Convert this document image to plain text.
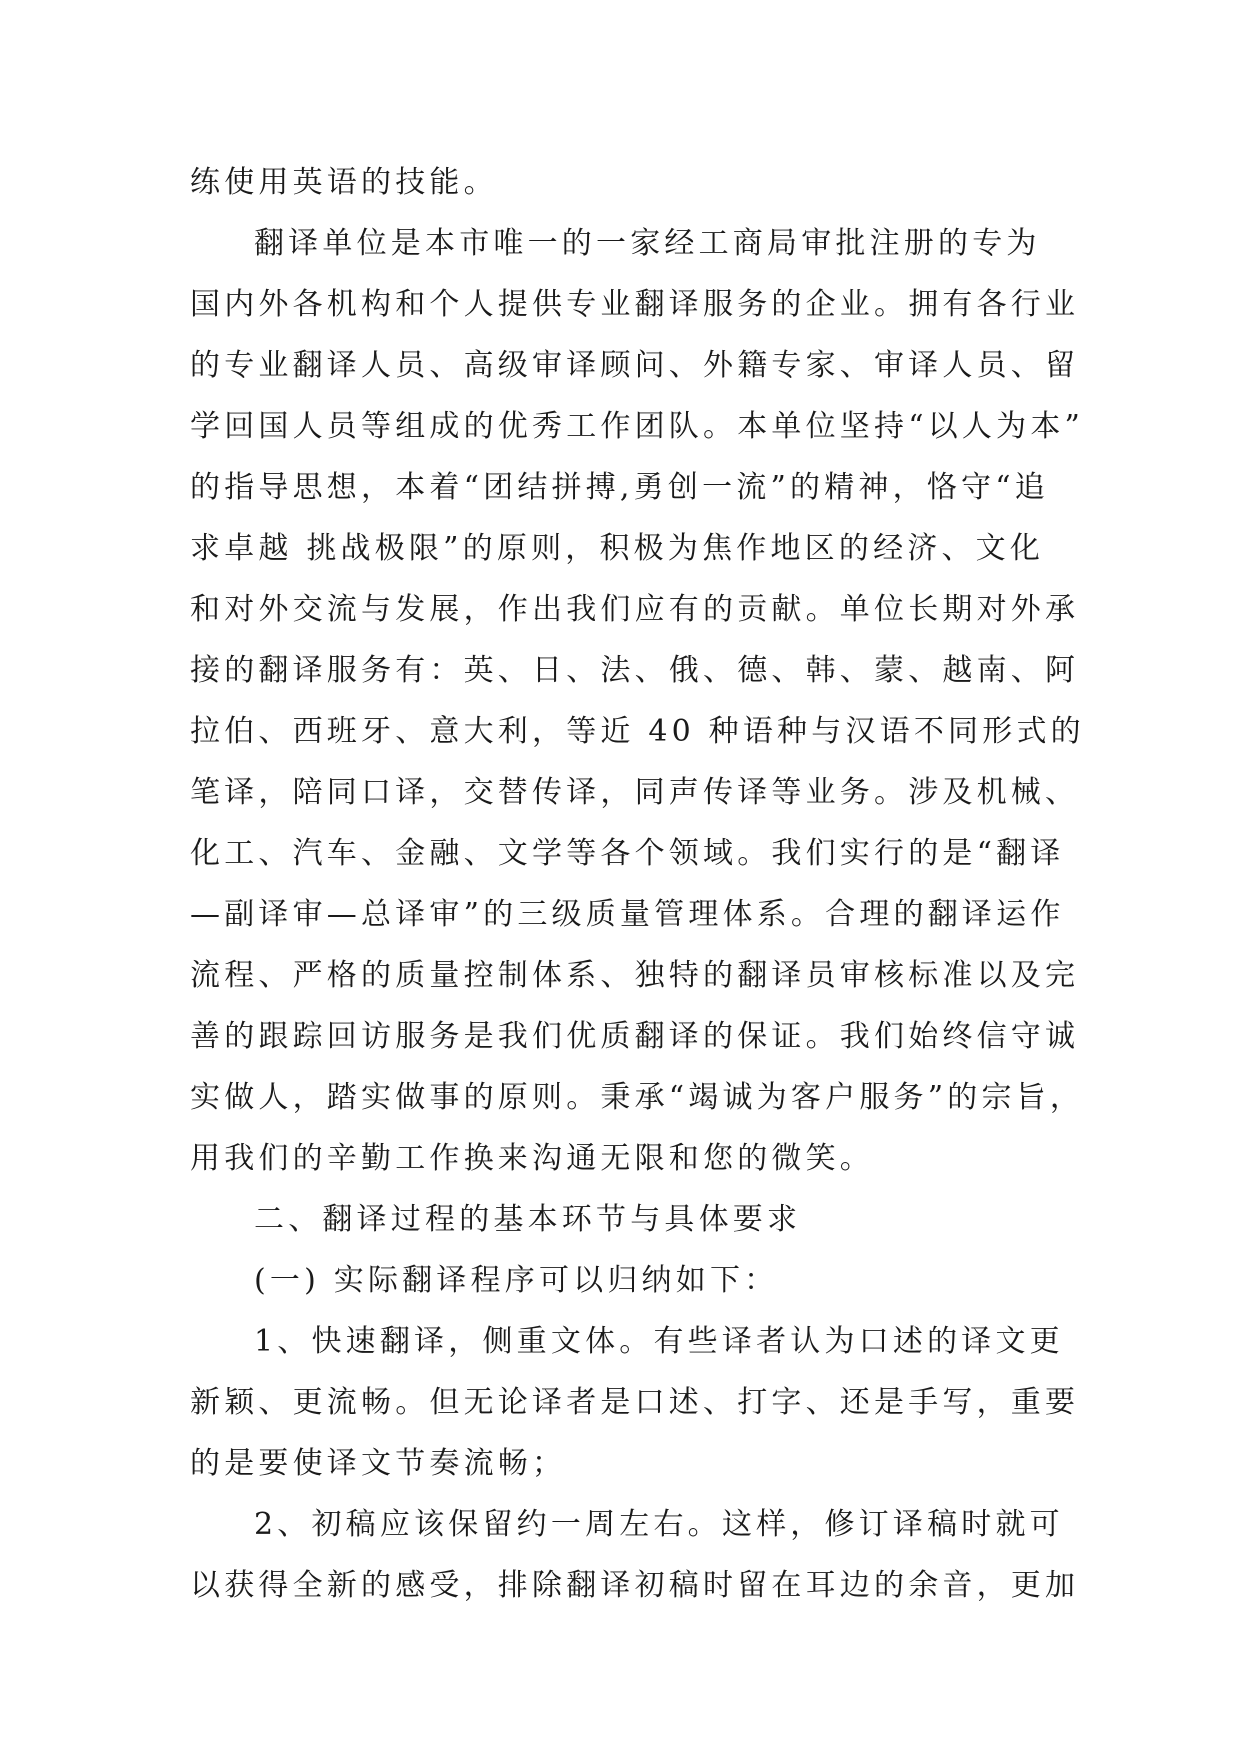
练使用英语的技能。
翻译单位是本市唯一的一家经工商局审批注册的专为
国内外各机构和个人提供专业翻译服务的企业。拥有各行业
的专业翻译人员、高级审译顾问、外籍专家、审译人员、留
学回国人员等组成的优秀工作团队。本单位坚持“以人为本”
的指导思想，本着“团结拼搏,勇创一流”的精神，恪守“追
求卓越 挑战极限”的原则，积极为焦作地区的经济、文化
和对外交流与发展，作出我们应有的贡献。单位长期对外承
接的翻译服务有：英、日、法、俄、德、韩、蒙、越南、阿
拉伯、西班牙、意大利，等近 40 种语种与汉语不同形式的
笔译，陪同口译，交替传译，同声传译等业务。涉及机械、
化工、汽车、金融、文学等各个领域。我们实行的是“翻译
—副译审—总译审”的三级质量管理体系。合理的翻译运作
流程、严格的质量控制体系、独特的翻译员审核标准以及完
善的跟踪回访服务是我们优质翻译的保证。我们始终信守诚
实做人，踏实做事的原则。秉承“竭诚为客户服务”的宗旨，
用我们的辛勤工作换来沟通无限和您的微笑。
二、翻译过程的基本环节与具体要求
(一) 实际翻译程序可以归纳如下：
1、快速翻译，侧重文体。有些译者认为口述的译文更
新颖、更流畅。但无论译者是口述、打字、还是手写，重要
的是要使译文节奏流畅；
2、初稿应该保留约一周左右。这样，修订译稿时就可
以获得全新的感受，排除翻译初稿时留在耳边的余音，更加
